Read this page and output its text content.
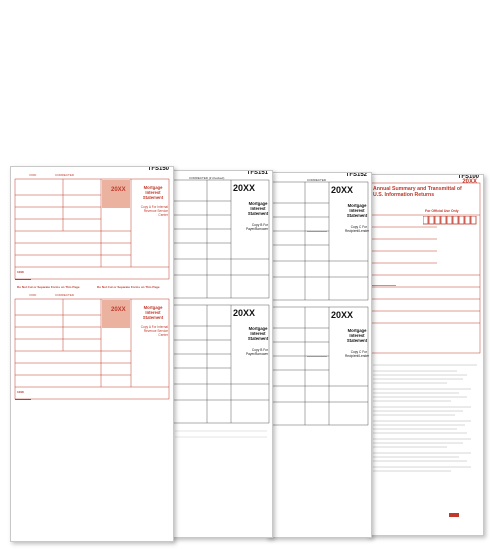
TFS100
Annual Summary and Transmittal of U.S. Information Returns
20XX
For Official Use Only
1096
TFS152
CORRECTED
20XX
Mortgage Interest Statement
Copy C For Recipient/Lender
20XX
Mortgage Interest Statement
Copy C For Recipient/Lender
TFS151
CORRECTED (if checked)
20XX
Mortgage Interest Statement
Copy B For Payer/Borrower
20XX
Mortgage Interest Statement
Copy B For Payer/Borrower
TFS150
VOID	CORRECTED
20XX	Mortgage Interest Statement
Copy A For Internal Revenue Service Center
1098
Do Not Cut or Separate Forms on This Page	Do Not Cut or Separate Forms on This Page
VOID	CORRECTED
20XX	Mortgage Interest Statement
Copy A For Internal Revenue Service Center
1098
